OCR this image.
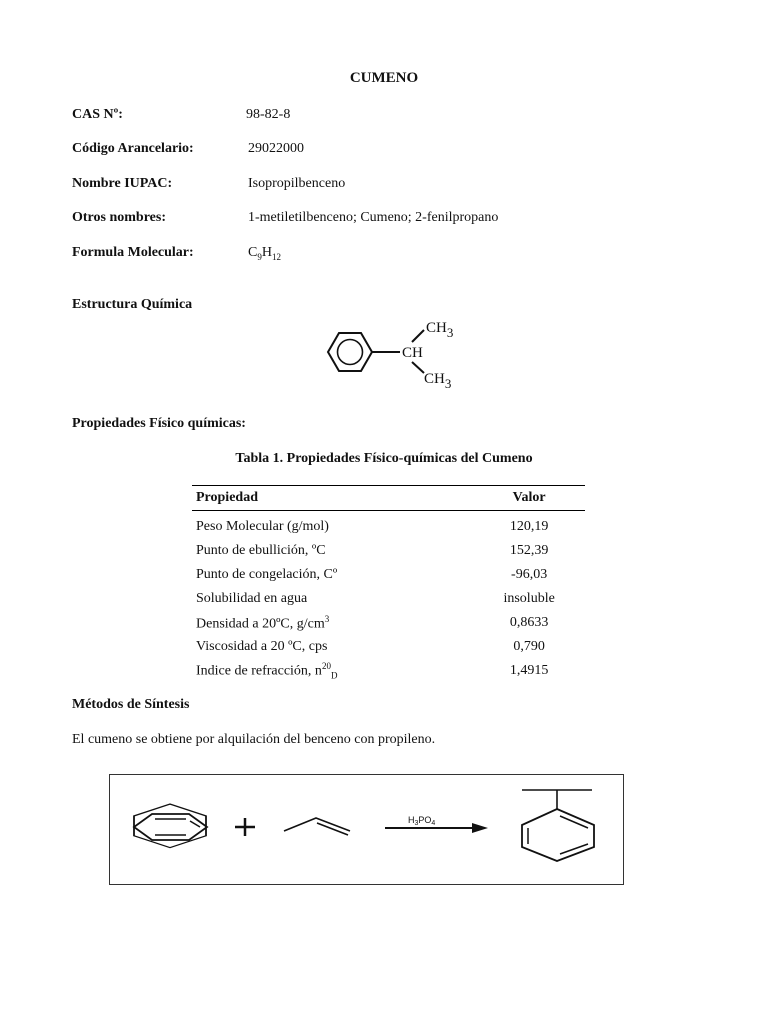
CUMENO
CAS Nº:	98-82-8
Código Arancelario:	29022000
Nombre IUPAC:	Isopropilbenceno
Otros nombres:	1-metiletilbenceno; Cumeno; 2-fenilpropano
Formula Molecular:	$C_9H_{12}$
Estructura Química
CH3
CH
CH3
Propiedades Físico químicas:
Tabla 1. Propiedades Físico-químicas del Cumeno
Propiedad	Valor
Peso Molecular (g/mol)	120,19
Punto de ebullición, ºC	152,39
Punto de congelación, Cº	-96,03
Solubilidad en agua	insoluble
Densidad a 20ºC, $g/cm^3$	0,8633
Viscosidad a 20 ºC, cps	0,790
Indice de refracción, $n^{20}_D$	1,4915
Métodos de Síntesis
El cumeno se obtiene por alquilación del benceno con propileno.
$H_3PO_4$
